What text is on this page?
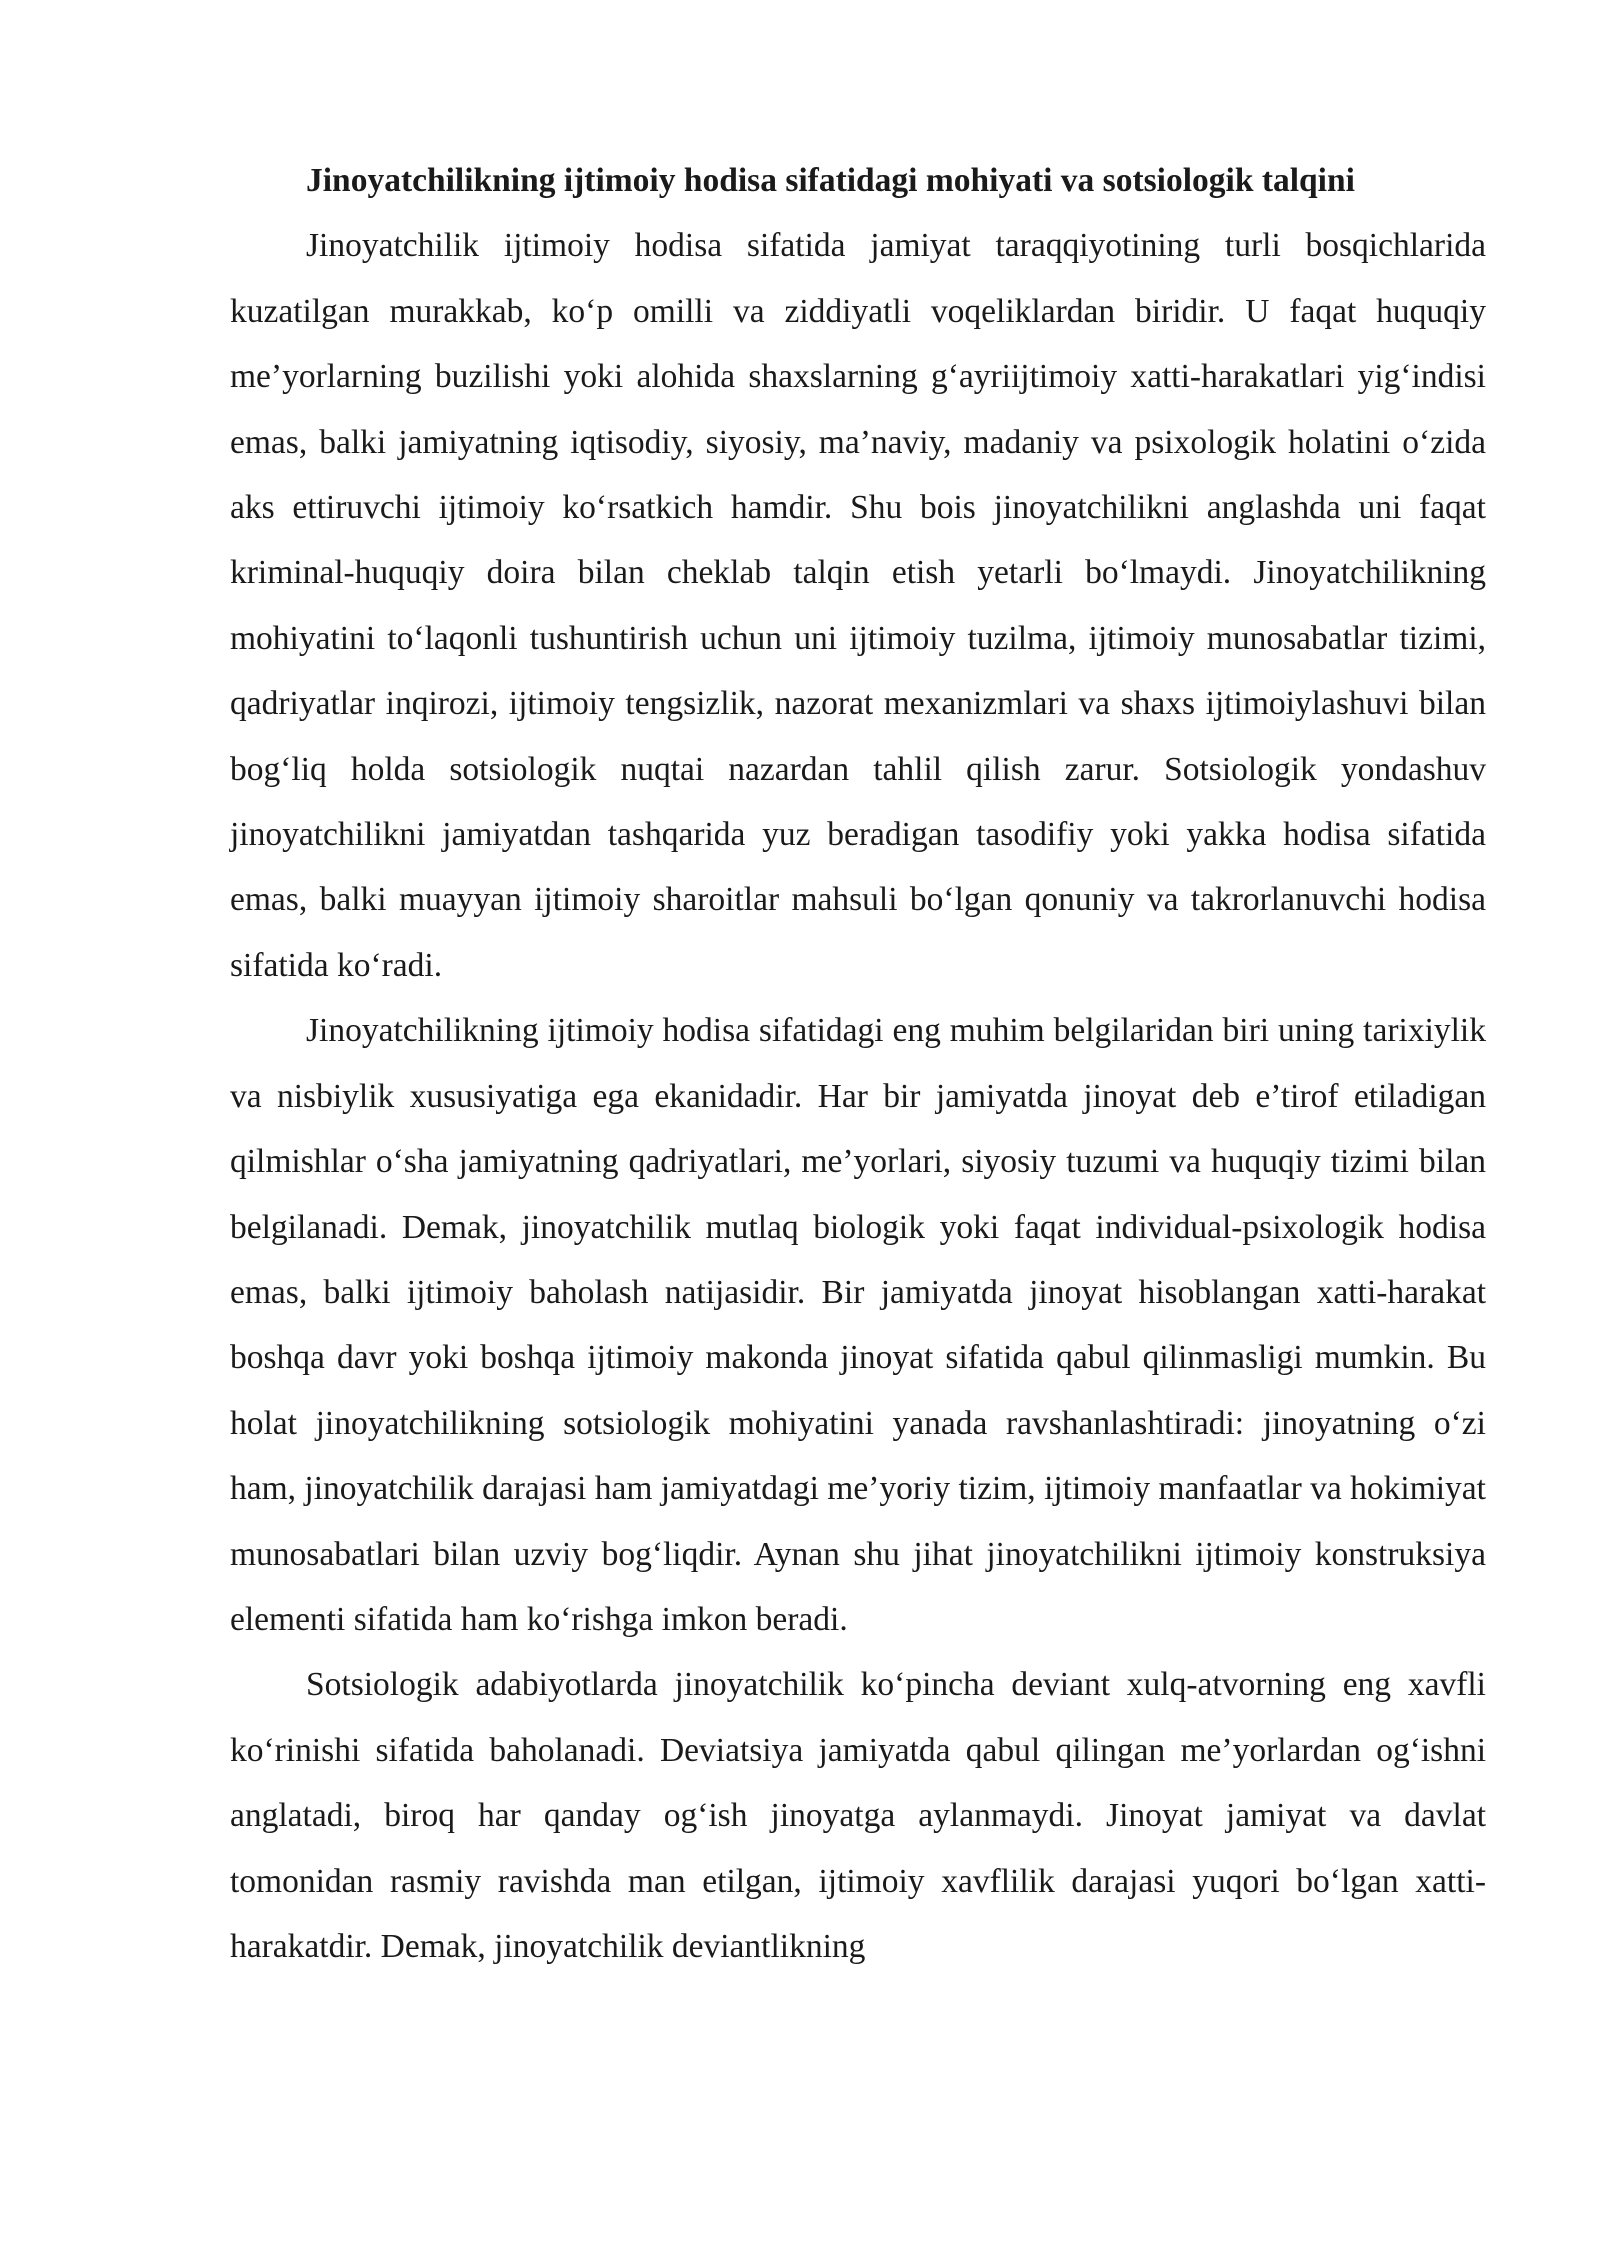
Jinoyatchilikning ijtimoiy hodisa sifatidagi mohiyati va sotsiologik talqini

Jinoyatchilik ijtimoiy hodisa sifatida jamiyat taraqqiyotining turli bosqichlarida kuzatilgan murakkab, ko‘p omilli va ziddiyatli voqeliklardan biridir. U faqat huquqiy me’yorlarning buzilishi yoki alohida shaxslarning g‘ayriijtimoiy xatti-harakatlari yig‘indisi emas, balki jamiyatning iqtisodiy, siyosiy, ma’naviy, madaniy va psixologik holatini o‘zida aks ettiruvchi ijtimoiy ko‘rsatkich hamdir. Shu bois jinoyatchilikni anglashda uni faqat kriminal-huquqiy doira bilan cheklab talqin etish yetarli bo‘lmaydi. Jinoyatchilikning mohiyatini to‘laqonli tushuntirish uchun uni ijtimoiy tuzilma, ijtimoiy munosabatlar tizimi, qadriyatlar inqirozi, ijtimoiy tengsizlik, nazorat mexanizmlari va shaxs ijtimoiylashuvi bilan bog‘liq holda sotsiologik nuqtai nazardan tahlil qilish zarur. Sotsiologik yondashuv jinoyatchilikni jamiyatdan tashqarida yuz beradigan tasodifiy yoki yakka hodisa sifatida emas, balki muayyan ijtimoiy sharoitlar mahsuli bo‘lgan qonuniy va takrorlanuvchi hodisa sifatida ko‘radi.

Jinoyatchilikning ijtimoiy hodisa sifatidagi eng muhim belgilaridan biri uning tarixiylik va nisbiylik xususiyatiga ega ekanidadir. Har bir jamiyatda jinoyat deb e’tirof etiladigan qilmishlar o‘sha jamiyatning qadriyatlari, me’yorlari, siyosiy tuzumi va huquqiy tizimi bilan belgilanadi. Demak, jinoyatchilik mutlaq biologik yoki faqat individual-psixologik hodisa emas, balki ijtimoiy baholash natijasidir. Bir jamiyatda jinoyat hisoblangan xatti-harakat boshqa davr yoki boshqa ijtimoiy makonda jinoyat sifatida qabul qilinmasligi mumkin. Bu holat jinoyatchilikning sotsiologik mohiyatini yanada ravshanlashtiradi: jinoyatning o‘zi ham, jinoyatchilik darajasi ham jamiyatdagi me’yoriy tizim, ijtimoiy manfaatlar va hokimiyat munosabatlari bilan uzviy bog‘liqdir. Aynan shu jihat jinoyatchilikni ijtimoiy konstruksiya elementi sifatida ham ko‘rishga imkon beradi.

Sotsiologik adabiyotlarda jinoyatchilik ko‘pincha deviant xulq-atvorning eng xavfli ko‘rinishi sifatida baholanadi. Deviatsiya jamiyatda qabul qilingan me’yorlardan og‘ishni anglatadi, biroq har qanday og‘ish jinoyatga aylanmaydi. Jinoyat jamiyat va davlat tomonidan rasmiy ravishda man etilgan, ijtimoiy xavflilik darajasi yuqori bo‘lgan xatti-harakatdir. Demak, jinoyatchilik deviantlikning
